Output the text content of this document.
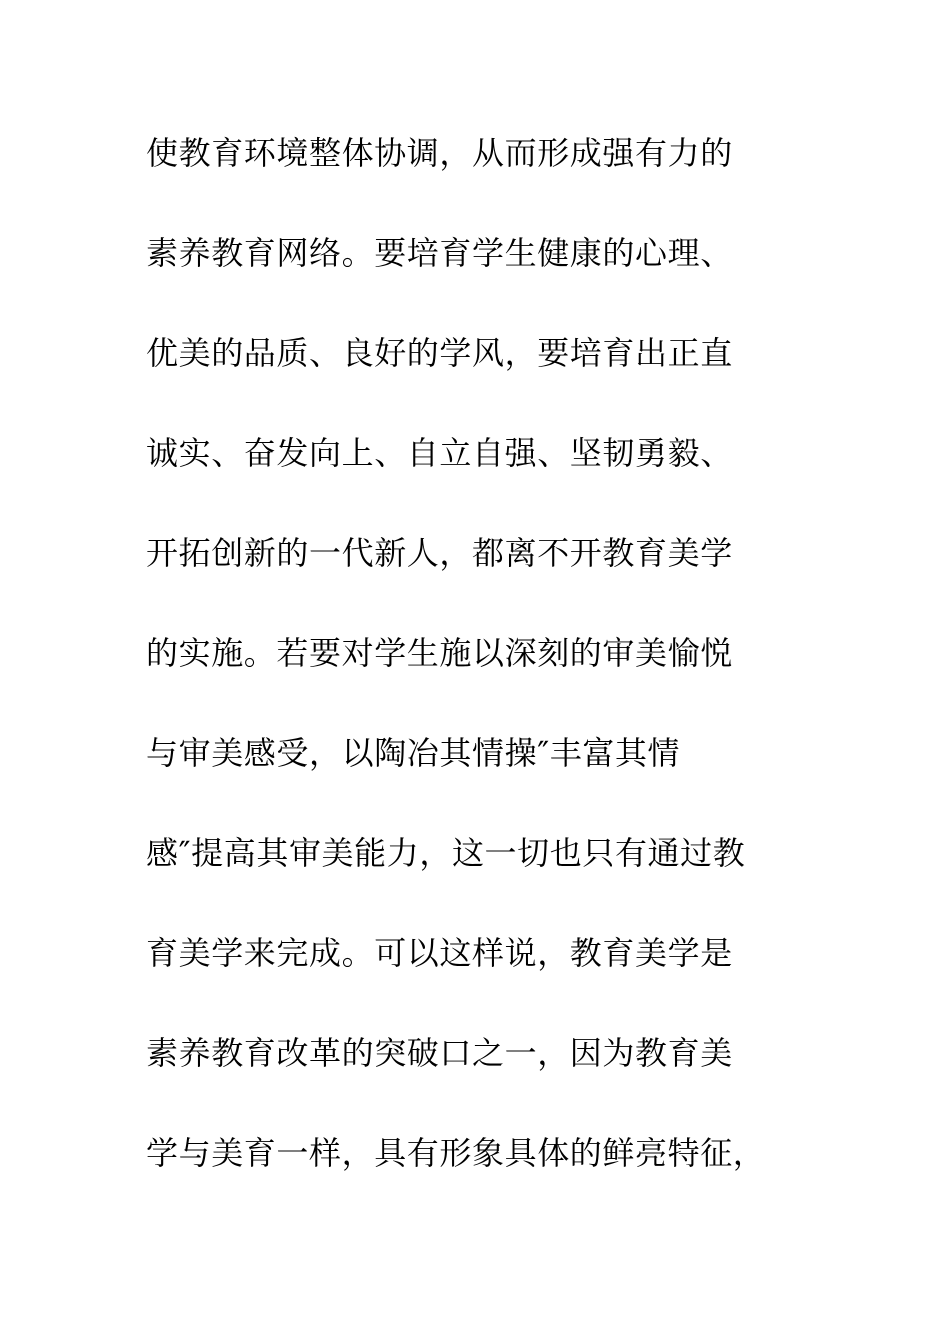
使教育环境整体协调，从而形成强有力的
素养教育网络。要培育学生健康的心理、
优美的品质、良好的学风，要培育出正直
诚实、奋发向上、自立自强、坚韧勇毅、
开拓创新的一代新人，都离不开教育美学
的实施。若要对学生施以深刻的审美愉悦
与审美感受，以陶冶其情操″丰富其情
感″提高其审美能力，这一切也只有通过教
育美学来完成。可以这样说，教育美学是
素养教育改革的突破口之一，因为教育美
学与美育一样，具有形象具体的鲜亮特征，
